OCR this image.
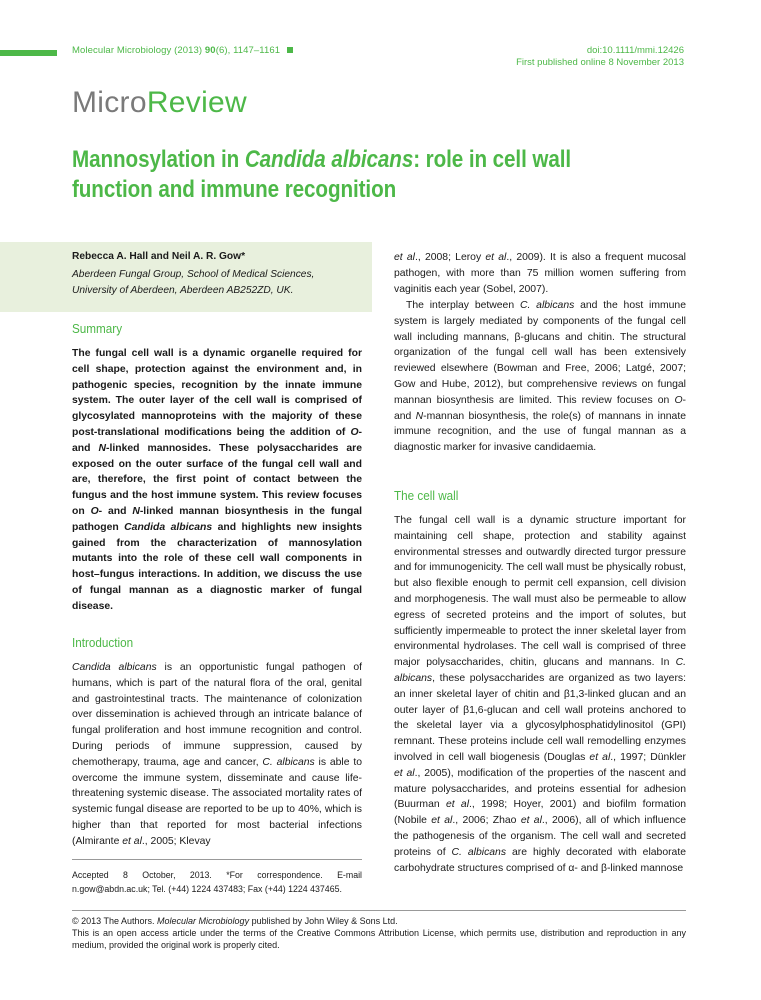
Molecular Microbiology (2013) 90(6), 1147–1161	doi:10.1111/mmi.12426
First published online 8 November 2013
MicroReview
Mannosylation in Candida albicans: role in cell wall function and immune recognition
Rebecca A. Hall and Neil A. R. Gow*
Aberdeen Fungal Group, School of Medical Sciences,
University of Aberdeen, Aberdeen AB252ZD, UK.
Summary
The fungal cell wall is a dynamic organelle required for cell shape, protection against the environment and, in pathogenic species, recognition by the innate immune system. The outer layer of the cell wall is comprised of glycosylated mannoproteins with the majority of these post-translational modifications being the addition of O- and N-linked mannosides. These polysaccharides are exposed on the outer surface of the fungal cell wall and are, therefore, the first point of contact between the fungus and the host immune system. This review focuses on O- and N-linked mannan biosynthesis in the fungal pathogen Candida albicans and highlights new insights gained from the characterization of mannosylation mutants into the role of these cell wall components in host–fungus interactions. In addition, we discuss the use of fungal mannan as a diagnostic marker of fungal disease.
Introduction
Candida albicans is an opportunistic fungal pathogen of humans, which is part of the natural flora of the oral, genital and gastrointestinal tracts. The maintenance of colonization over dissemination is achieved through an intricate balance of fungal proliferation and host immune recognition and control. During periods of immune suppression, caused by chemotherapy, trauma, age and cancer, C. albicans is able to overcome the immune system, disseminate and cause life-threatening systemic disease. The associated mortality rates of systemic fungal disease are reported to be up to 40%, which is higher than that reported for most bacterial infections (Almirante et al., 2005; Klevay
et al., 2008; Leroy et al., 2009). It is also a frequent mucosal pathogen, with more than 75 million women suffering from vaginitis each year (Sobel, 2007).
The interplay between C. albicans and the host immune system is largely mediated by components of the fungal cell wall including mannans, β-glucans and chitin. The structural organization of the fungal cell wall has been extensively reviewed elsewhere (Bowman and Free, 2006; Latgé, 2007; Gow and Hube, 2012), but comprehensive reviews on fungal mannan biosynthesis are limited. This review focuses on O- and N-mannan biosynthesis, the role(s) of mannans in innate immune recognition, and the use of fungal mannan as a diagnostic marker for invasive candidaemia.
The cell wall
The fungal cell wall is a dynamic structure important for maintaining cell shape, protection and stability against environmental stresses and outwardly directed turgor pressure and for immunogenicity. The cell wall must be physically robust, but also flexible enough to permit cell expansion, cell division and morphogenesis. The wall must also be permeable to allow egress of secreted proteins and the import of solutes, but sufficiently impermeable to protect the inner skeletal layer from environmental hydrolases. The cell wall is comprised of three major polysaccharides, chitin, glucans and mannans. In C. albicans, these polysaccharides are organized as two layers: an inner skeletal layer of chitin and β1,3-linked glucan and an outer layer of β1,6-glucan and cell wall proteins anchored to the skeletal layer via a glycosylphosphatidylinositol (GPI) remnant. These proteins include cell wall remodelling enzymes involved in cell wall biogenesis (Douglas et al., 1997; Dünkler et al., 2005), modification of the properties of the nascent and mature polysaccharides, and proteins essential for adhesion (Buurman et al., 1998; Hoyer, 2001) and biofilm formation (Nobile et al., 2006; Zhao et al., 2006), all of which influence the pathogenesis of the organism. The cell wall and secreted proteins of C. albicans are highly decorated with elaborate carbohydrate structures comprised of α- and β-linked mannose
Accepted 8 October, 2013. *For correspondence. E-mail n.gow@abdn.ac.uk; Tel. (+44) 1224 437483; Fax (+44) 1224 437465.
© 2013 The Authors. Molecular Microbiology published by John Wiley & Sons Ltd.
This is an open access article under the terms of the Creative Commons Attribution License, which permits use, distribution and reproduction in any medium, provided the original work is properly cited.
